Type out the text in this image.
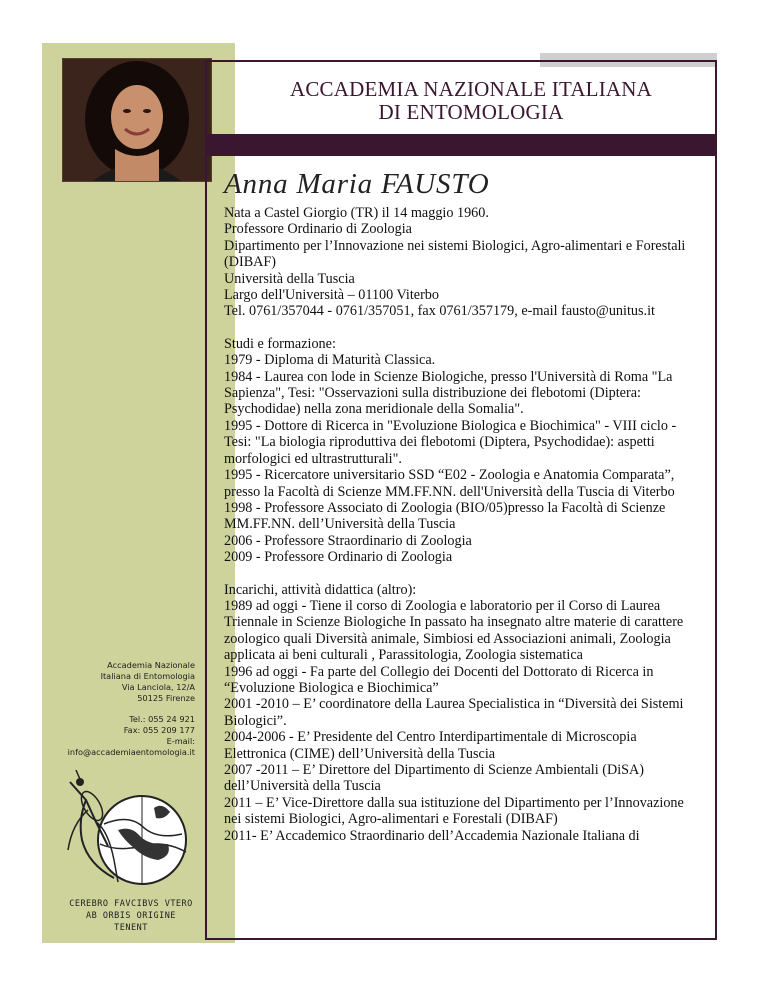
ACCADEMIA NAZIONALE ITALIANA
DI ENTOMOLOGIA
Anna Maria FAUSTO

Nata a Castel Giorgio (TR) il 14 maggio 1960.

Professore Ordinario di Zoologia

Dipartimento per l’Innovazione nei sistemi Biologici, Agro-alimentari e Forestali (DIBAF)

Università della Tuscia

Largo dell'Università – 01100 Viterbo

Tel. 0761/357044 - 0761/357051, fax 0761/357179, e-mail fausto@unitus.it

Studi e formazione:

1979 - Diploma di Maturità Classica.

1984 - Laurea con lode in Scienze Biologiche, presso l'Università di Roma "La Sapienza", Tesi: "Osservazioni sulla distribuzione dei flebotomi (Diptera: Psychodidae) nella zona meridionale della Somalia".

1995 - Dottore di Ricerca in "Evoluzione Biologica e Biochimica" - VIII ciclo - Tesi: "La biologia riproduttiva dei flebotomi (Diptera, Psychodidae): aspetti morfologici ed ultrastrutturali".

1995 - Ricercatore universitario SSD “E02 - Zoologia e Anatomia Comparata”, presso la Facoltà di Scienze MM.FF.NN. dell'Università della Tuscia di Viterbo

1998 - Professore Associato di Zoologia (BIO/05)presso la Facoltà di Scienze MM.FF.NN. dell’Università della Tuscia

2006 - Professore Straordinario di Zoologia

2009 - Professore Ordinario di Zoologia

Incarichi, attività didattica (altro):

1989 ad oggi - Tiene il corso di Zoologia e laboratorio per il Corso di Laurea Triennale in Scienze Biologiche In passato ha insegnato altre materie di carattere zoologico quali Diversità animale, Simbiosi ed Associazioni animali, Zoologia applicata ai beni culturali , Parassitologia, Zoologia sistematica

1996 ad oggi - Fa parte del Collegio dei Docenti del Dottorato di Ricerca in “Evoluzione Biologica e Biochimica”

2001 -2010 – E’ coordinatore della Laurea Specialistica in “Diversità dei Sistemi Biologici”.

2004-2006 - E’ Presidente del Centro Interdipartimentale di Microscopia Elettronica (CIME) dell’Università della Tuscia

2007 -2011 – E’ Direttore del Dipartimento di Scienze Ambientali (DiSA) dell’Università della Tuscia

2011 – E’ Vice-Direttore dalla sua istituzione del Dipartimento per l’Innovazione nei sistemi Biologici, Agro-alimentari e Forestali (DIBAF)

2011- E’ Accademico Straordinario dell’Accademia Nazionale Italiana di

Accademia Nazionale

Italiana di Entomologia

Via Lanciola, 12/A

50125 Firenze

Tel.: 055 24 921

Fax: 055 209 177

E-mail:

info@accademiaentomologia.it

CEREBRO FAVCIBVS VTERO

AB ORBIS ORIGINE

TENENT
